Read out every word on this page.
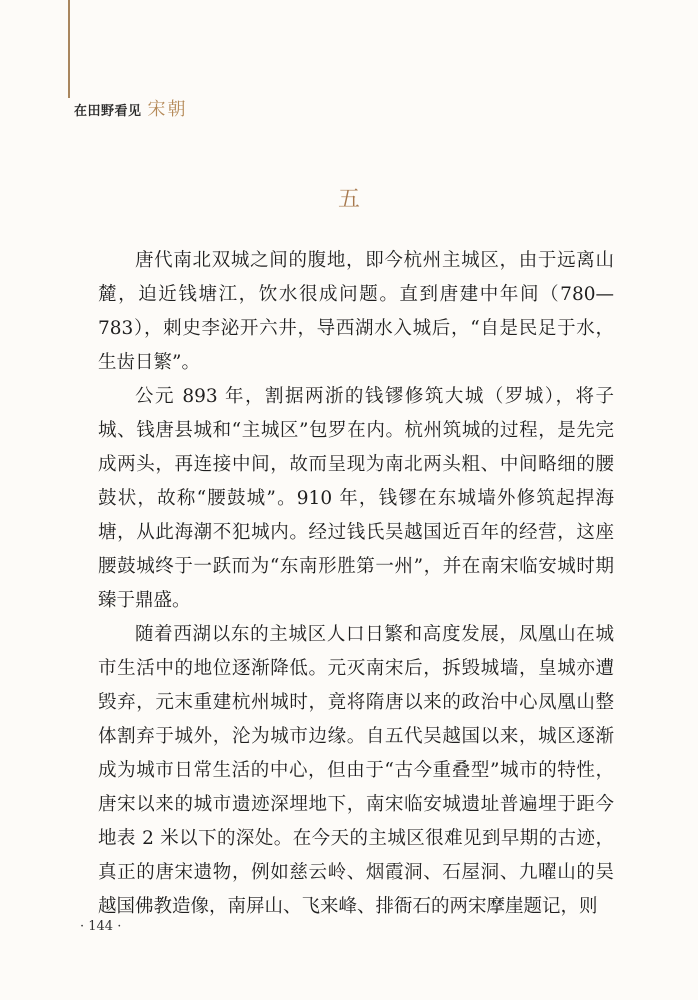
在田野看见 宋朝
五

唐代南北双城之间的腹地，即今杭州主城区，由于远离山麓，迫近钱塘江，饮水很成问题。直到唐建中年间（780—783），刺史李泌开六井，导西湖水入城后，“自是民足于水，生齿日繁”。

公元 893 年，割据两浙的钱镠修筑大城（罗城），将子城、钱唐县城和“主城区”包罗在内。杭州筑城的过程，是先完成两头，再连接中间，故而呈现为南北两头粗、中间略细的腰鼓状，故称“腰鼓城”。910 年，钱镠在东城墙外修筑起捍海塘，从此海潮不犯城内。经过钱氏吴越国近百年的经营，这座腰鼓城终于一跃而为“东南形胜第一州”，并在南宋临安城时期臻于鼎盛。

随着西湖以东的主城区人口日繁和高度发展，凤凰山在城市生活中的地位逐渐降低。元灭南宋后，拆毁城墙，皇城亦遭毁弃，元末重建杭州城时，竟将隋唐以来的政治中心凤凰山整体割弃于城外，沦为城市边缘。自五代吴越国以来，城区逐渐成为城市日常生活的中心，但由于“古今重叠型”城市的特性，唐宋以来的城市遗迹深埋地下，南宋临安城遗址普遍埋于距今地表 2 米以下的深处。在今天的主城区很难见到早期的古迹，真正的唐宋遗物，例如慈云岭、烟霞洞、石屋洞、九曜山的吴越国佛教造像，南屏山、飞来峰、排衙石的两宋摩崖题记，则

· 144 ·
